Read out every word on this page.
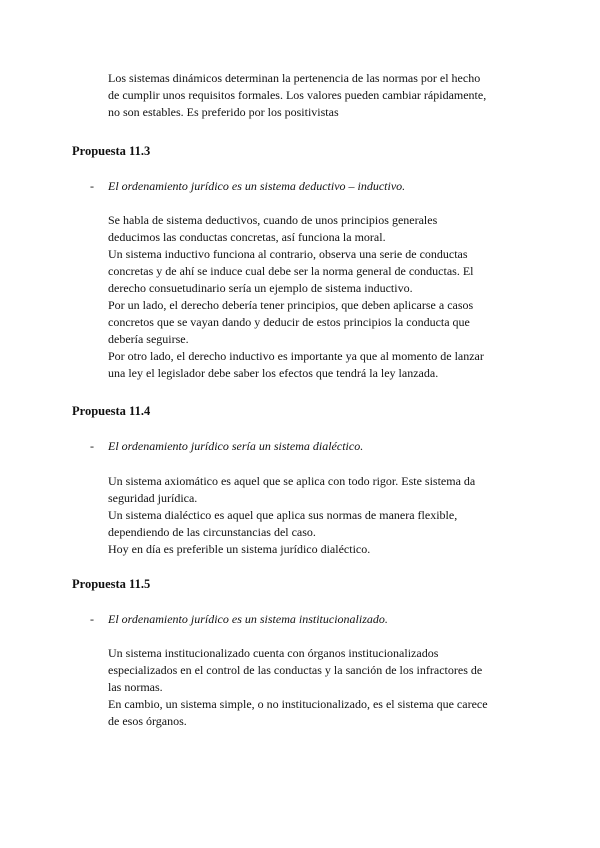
Los sistemas dinámicos determinan la pertenencia de las normas por el hecho
de cumplir unos requisitos formales. Los valores pueden cambiar rápidamente,
no son estables. Es preferido por los positivistas
Propuesta 11.3
- El ordenamiento jurídico es un sistema deductivo – inductivo.

Se habla de sistema deductivos, cuando de unos principios generales
deducimos las conductas concretas, así funciona la moral.

Un sistema inductivo funciona al contrario, observa una serie de conductas
concretas y de ahí se induce cual debe ser la norma general de conductas. El
derecho consuetudinario sería un ejemplo de sistema inductivo.

Por un lado, el derecho debería tener principios, que deben aplicarse a casos
concretos que se vayan dando y deducir de estos principios la conducta que
debería seguirse.

Por otro lado, el derecho inductivo es importante ya que al momento de lanzar
una ley el legislador debe saber los efectos que tendrá la ley lanzada.

Propuesta 11.4
- El ordenamiento jurídico sería un sistema dialéctico.

Un sistema axiomático es aquel que se aplica con todo rigor. Este sistema da
seguridad jurídica.

Un sistema dialéctico es aquel que aplica sus normas de manera flexible,
dependiendo de las circunstancias del caso.

Hoy en día es preferible un sistema jurídico dialéctico.

Propuesta 11.5
- El ordenamiento jurídico es un sistema institucionalizado.

Un sistema institucionalizado cuenta con órganos institucionalizados
especializados en el control de las conductas y la sanción de los infractores de
las normas.

En cambio, un sistema simple, o no institucionalizado, es el sistema que carece
de esos órganos.
